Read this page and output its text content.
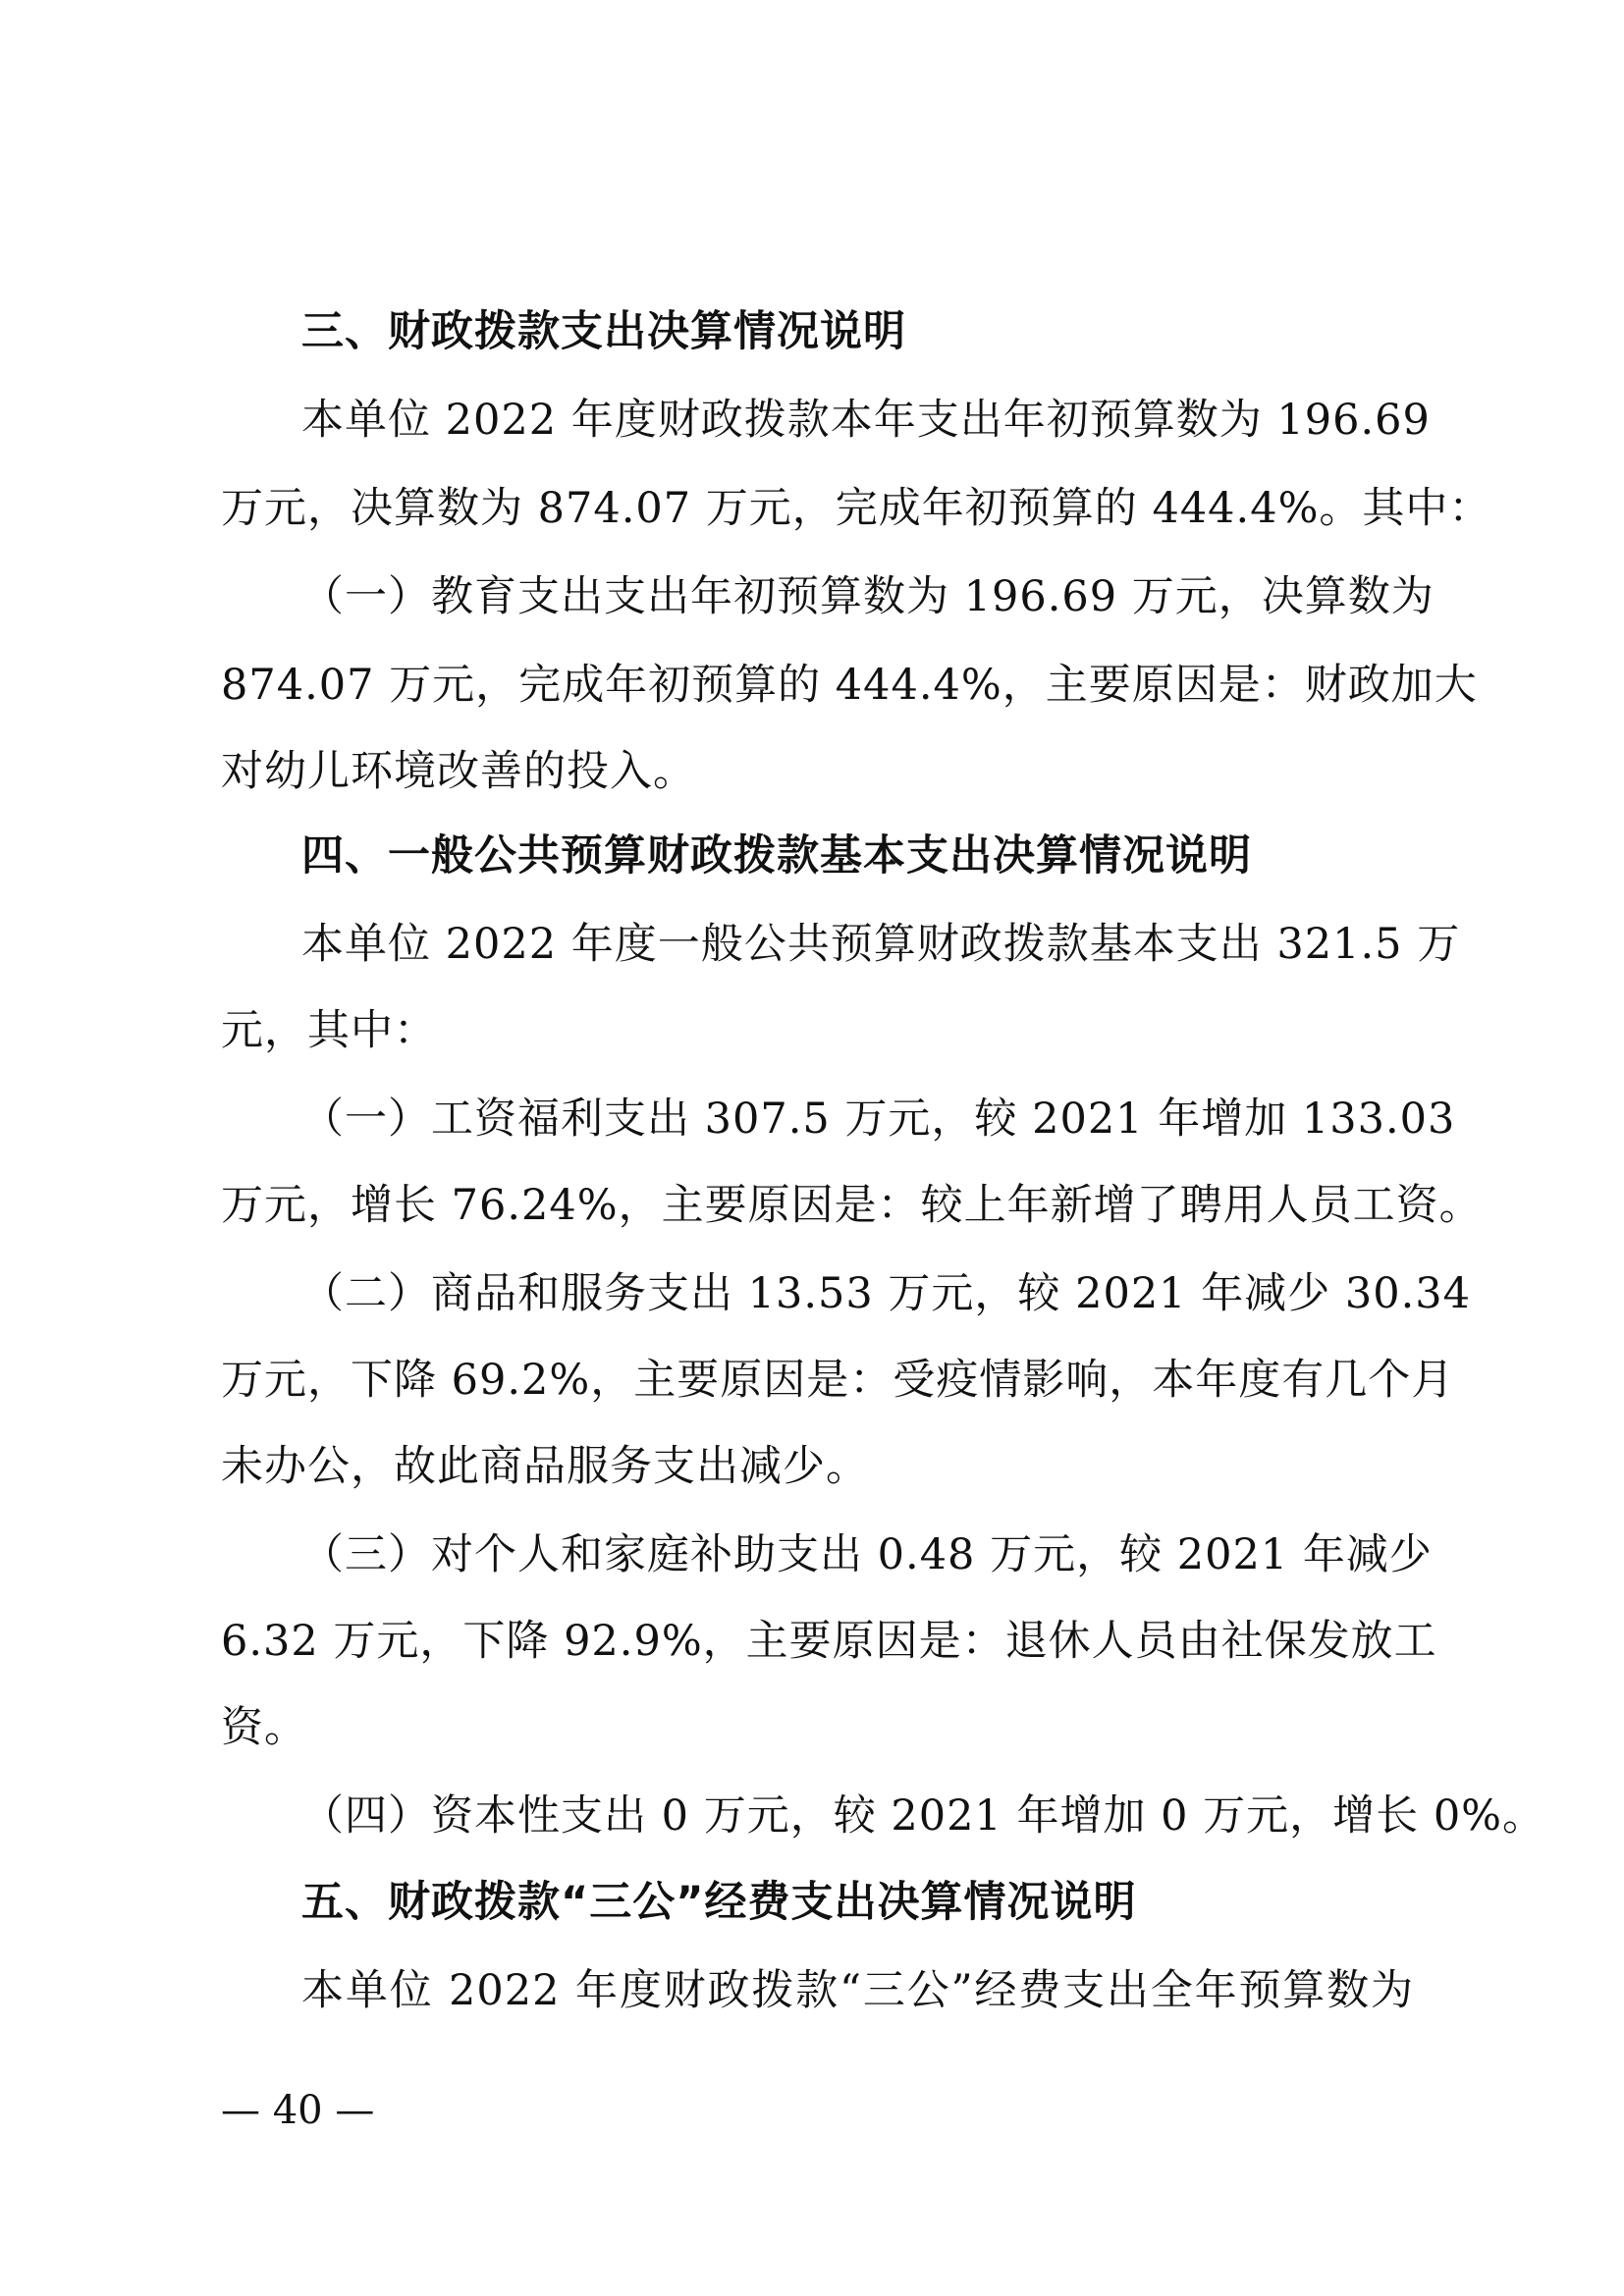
三、财政拨款支出决算情况说明
本单位 2022 年度财政拨款本年支出年初预算数为 196.69
万元，决算数为 874.07 万元，完成年初预算的 444.4%。其中：
（一）教育支出支出年初预算数为 196.69 万元，决算数为
874.07 万元，完成年初预算的 444.4%，主要原因是：财政加大
对幼儿环境改善的投入。
四、一般公共预算财政拨款基本支出决算情况说明
本单位 2022 年度一般公共预算财政拨款基本支出 321.5 万
元，其中：
（一）工资福利支出 307.5 万元，较 2021 年增加 133.03
万元，增长 76.24%，主要原因是：较上年新增了聘用人员工资。
（二）商品和服务支出 13.53 万元，较 2021 年减少 30.34
万元，下降 69.2%，主要原因是：受疫情影响，本年度有几个月
未办公，故此商品服务支出减少。
（三）对个人和家庭补助支出 0.48 万元，较 2021 年减少
6.32 万元，下降 92.9%，主要原因是：退休人员由社保发放工
资。
（四）资本性支出 0 万元，较 2021 年增加 0 万元，增长 0%。
五、财政拨款“三公”经费支出决算情况说明
本单位 2022 年度财政拨款“三公”经费支出全年预算数为
— 40 —
